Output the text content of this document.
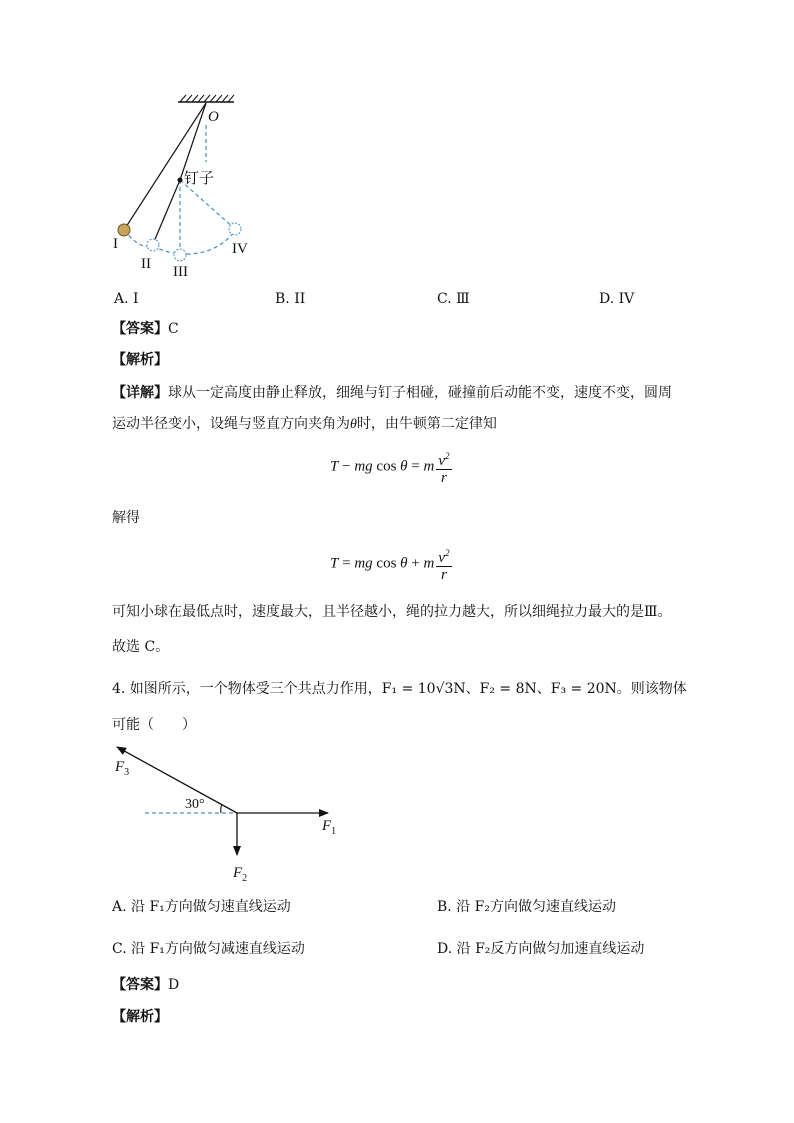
O
钉子
I
II III
IV
A. I	B. II	C. Ⅲ	D. IV
【答案】C
【解析】
【详解】球从一定高度由静止释放，细绳与钉子相碰，碰撞前后动能不变，速度不变，圆周
运动半径变小，设绳与竖直方向夹角为θ时，由牛顿第二定律知
T − mg cos θ = m $\frac{v^2}{r}$
解得
T = mg cos θ + m $\frac{v^2}{r}$
可知小球在最低点时，速度最大，且半径越小，绳的拉力越大，所以细绳拉力最大的是Ⅲ。
故选 C。
4. 如图所示，一个物体受三个共点力作用，F₁ = 10√3N、F₂ = 8N、F₃ = 20N。则该物体
可能（　　）
30°
$F_1$
$F_2$
$F_3$
A. 沿 F₁方向做匀速直线运动	B. 沿 F₂方向做匀速直线运动
C. 沿 F₁方向做匀减速直线运动	D. 沿 F₂反方向做匀加速直线运动
【答案】D
【解析】
